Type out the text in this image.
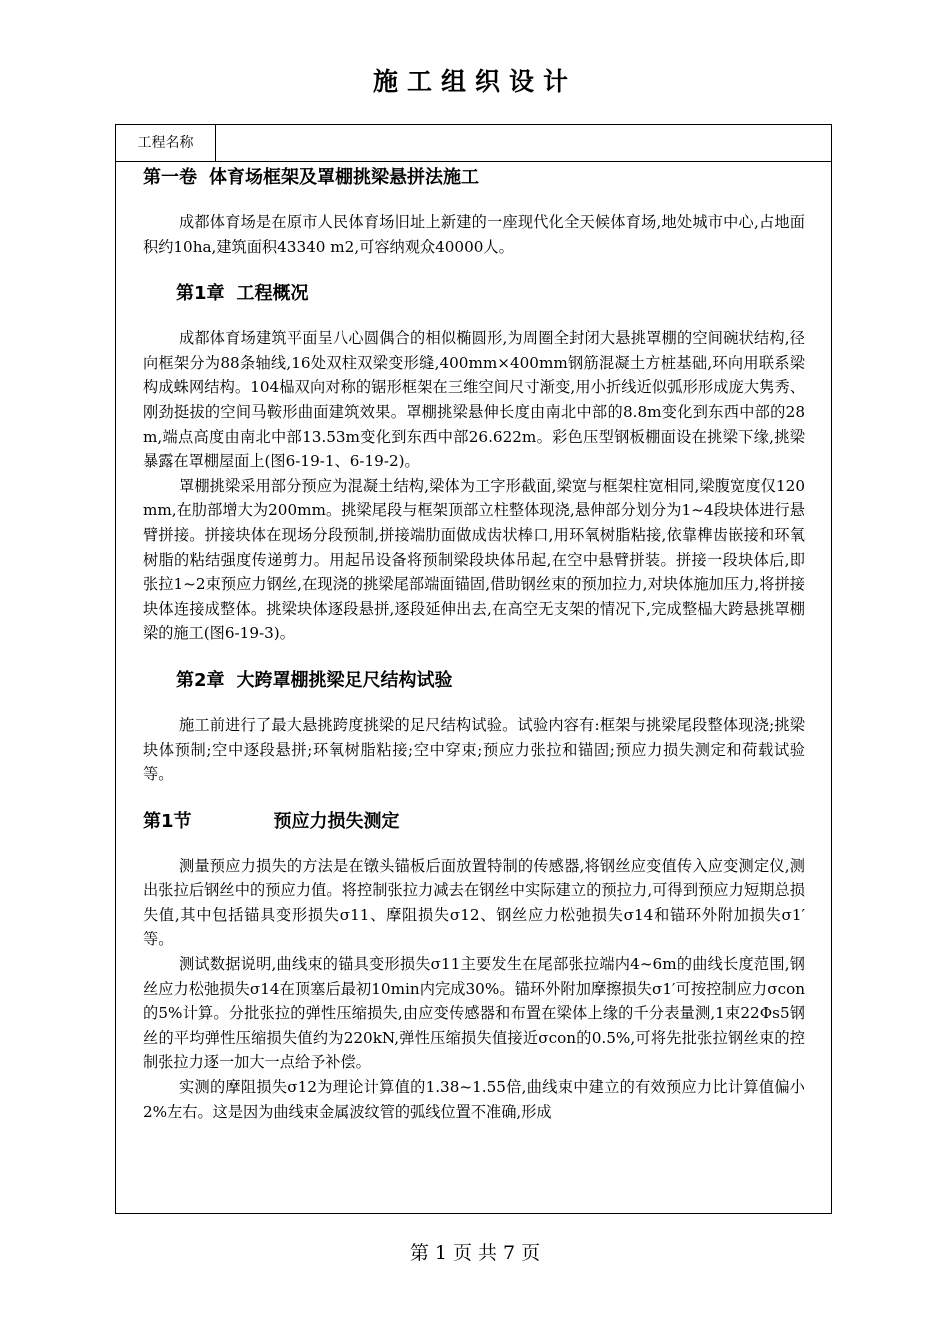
施工组织设计
工程名称
第一卷 体育场框架及罩棚挑梁悬拼法施工

成都体育场是在原市人民体育场旧址上新建的一座现代化全天候体育场,地处城市中心,占地面积约10ha,建筑面积43340 m2,可容纳观众40000人。

第1章 工程概况

成都体育场建筑平面呈八心圆偶合的相似椭圆形,为周圈全封闭大悬挑罩棚的空间碗状结构,径向框架分为88条轴线,16处双柱双梁变形缝,400mm×400mm钢筋混凝土方桩基础,环向用联系梁构成蛛网结构。104榀双向对称的锯形框架在三维空间尺寸渐变,用小折线近似弧形形成庞大隽秀、刚劲挺拔的空间马鞍形曲面建筑效果。罩棚挑梁悬伸长度由南北中部的8.8m变化到东西中部的28m,端点高度由南北中部13.53m变化到东西中部26.622m。彩色压型钢板棚面设在挑梁下缘,挑梁暴露在罩棚屋面上(图6-19-1、6-19-2)。

罩棚挑梁采用部分预应为混凝土结构,梁体为工字形截面,梁宽与框架柱宽相同,梁腹宽度仅120mm,在肋部增大为200mm。挑梁尾段与框架顶部立柱整体现浇,悬伸部分划分为1~4段块体进行悬臂拼接。拼接块体在现场分段预制,拼接端肋面做成齿状棒口,用环氧树脂粘接,依靠榫齿嵌接和环氧树脂的粘结强度传递剪力。用起吊设备将预制梁段块体吊起,在空中悬臂拼装。拼接一段块体后,即张拉1~2束预应力钢丝,在现浇的挑梁尾部端面锚固,借助钢丝束的预加拉力,对块体施加压力,将拼接块体连接成整体。挑梁块体逐段悬拼,逐段延伸出去,在高空无支架的情况下,完成整榀大跨悬挑罩棚梁的施工(图6-19-3)。

第2章 大跨罩棚挑梁足尺结构试验

施工前进行了最大悬挑跨度挑梁的足尺结构试验。试验内容有:框架与挑梁尾段整体现浇;挑梁块体预制;空中逐段悬拼;环氧树脂粘接;空中穿束;预应力张拉和锚固;预应力损失测定和荷载试验等。

第1节	预应力损失测定

测量预应力损失的方法是在镦头锚板后面放置特制的传感器,将钢丝应变值传入应变测定仪,测出张拉后钢丝中的预应力值。将控制张拉力减去在钢丝中实际建立的预拉力,可得到预应力短期总损失值,其中包括锚具变形损失σ11、摩阻损失σ12、钢丝应力松弛损失σ14和锚环外附加损失σ1′等。

测试数据说明,曲线束的锚具变形损失σ11主要发生在尾部张拉端内4~6m的曲线长度范围,钢丝应力松弛损失σ14在顶塞后最初10min内完成30%。锚环外附加摩擦损失σ1′可按控制应力σcon的5%计算。分批张拉的弹性压缩损失,由应变传感器和布置在梁体上缘的千分表量测,1束22Φs5钢丝的平均弹性压缩损失值约为220kN,弹性压缩损失值接近σcon的0.5%,可将先批张拉钢丝束的控制张拉力逐一加大一点给予补偿。

实测的摩阻损失σ12为理论计算值的1.38~1.55倍,曲线束中建立的有效预应力比计算值偏小2%左右。这是因为曲线束金属波纹管的弧线位置不准确,形成

第 1 页 共 7 页
